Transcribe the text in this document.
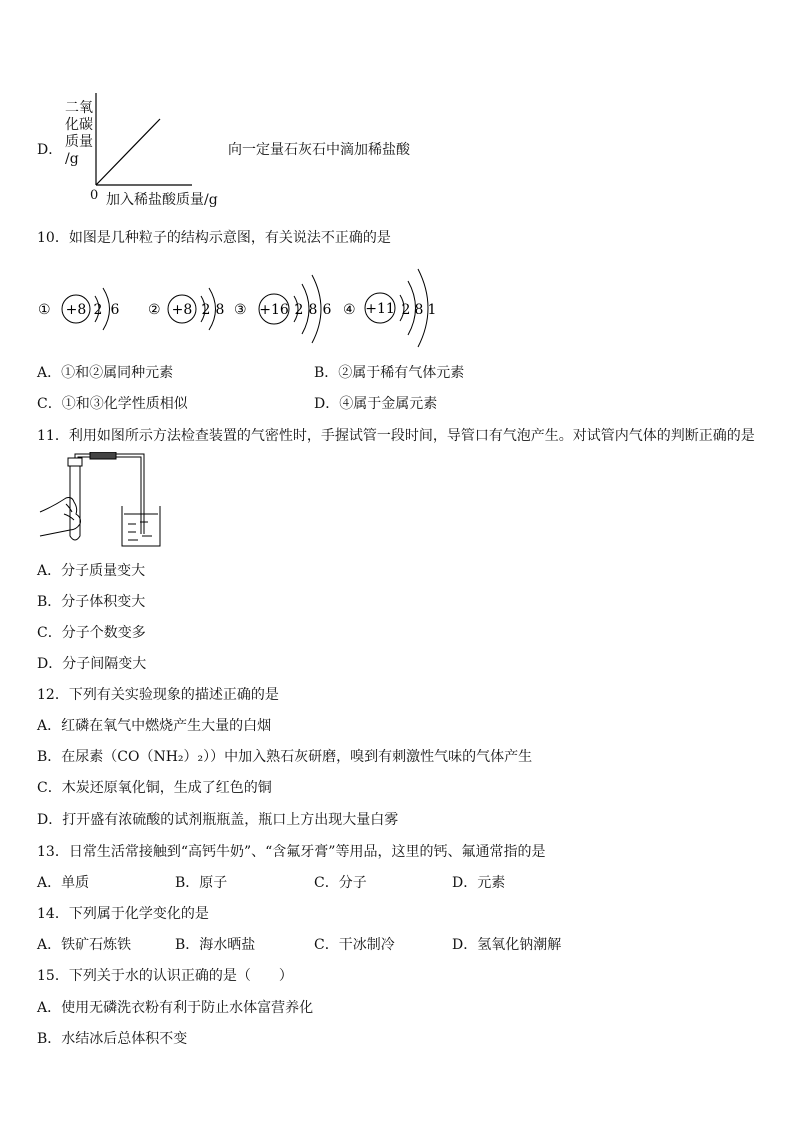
D．
二氧
化碳
质量
/g
0 加入稀盐酸质量/g
向一定量石灰石中滴加稀盐酸
10．如图是几种粒子的结构示意图，有关说法不正确的是
① +8 2 6 ② +8 2 8 ③ +16 2 8 6 ④ +11 2 8 1
A．①和②属同种元素	B．②属于稀有气体元素
C．①和③化学性质相似	D．④属于金属元素
11．利用如图所示方法检查装置的气密性时，手握试管一段时间，导管口有气泡产生。对试管内气体的判断正确的是
A．分子质量变大
B．分子体积变大
C．分子个数变多
D．分子间隔变大
12．下列有关实验现象的描述正确的是
A．红磷在氧气中燃烧产生大量的白烟
B．在尿素（CO（NH₂）₂））中加入熟石灰研磨，嗅到有刺激性气味的气体产生
C．木炭还原氧化铜，生成了红色的铜
D．打开盛有浓硫酸的试剂瓶瓶盖，瓶口上方出现大量白雾
13．日常生活常接触到“高钙牛奶”、“含氟牙膏”等用品，这里的钙、氟通常指的是
A．单质	B．原子	C．分子	D．元素
14．下列属于化学变化的是
A．铁矿石炼铁	B．海水晒盐	C．干冰制冷	D．氢氧化钠潮解
15．下列关于水的认识正确的是（　　）
A．使用无磷洗衣粉有利于防止水体富营养化
B．水结冰后总体积不变
